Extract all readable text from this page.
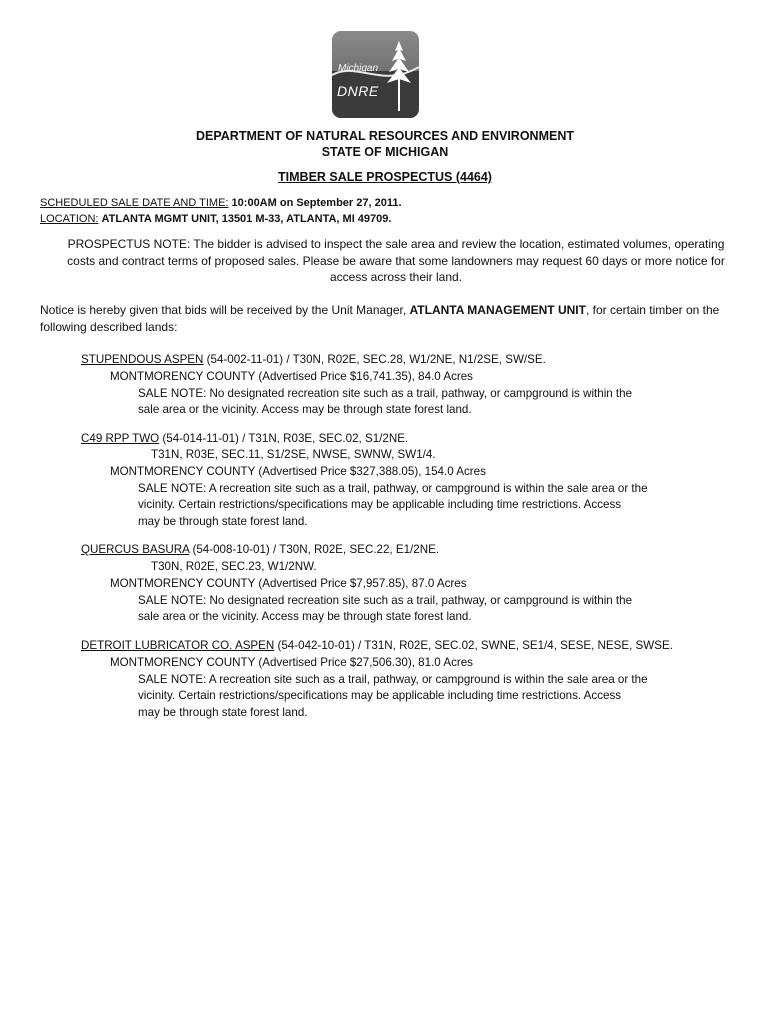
Michigan
DNRE
DEPARTMENT OF NATURAL RESOURCES AND ENVIRONMENT
STATE OF MICHIGAN
TIMBER SALE PROSPECTUS (4464)
SCHEDULED SALE DATE AND TIME: 10:00AM on September 27, 2011.
LOCATION: ATLANTA MGMT UNIT, 13501 M-33, ATLANTA, MI 49709.
PROSPECTUS NOTE: The bidder is advised to inspect the sale area and review the location, estimated volumes, operating costs and contract terms of proposed sales. Please be aware that some landowners may request 60 days or more notice for access across their land.
Notice is hereby given that bids will be received by the Unit Manager, ATLANTA MANAGEMENT UNIT, for certain timber on the following described lands:
STUPENDOUS ASPEN (54-002-11-01) / T30N, R02E, SEC.28, W1/2NE, N1/2SE, SW/SE.
MONTMORENCY COUNTY (Advertised Price $16,741.35), 84.0 Acres
SALE NOTE: No designated recreation site such as a trail, pathway, or campground is within the
sale area or the vicinity. Access may be through state forest land.
C49 RPP TWO (54-014-11-01) / T31N, R03E, SEC.02, S1/2NE.
T31N, R03E, SEC.11, S1/2SE, NWSE, SWNW, SW1/4.
MONTMORENCY COUNTY (Advertised Price $327,388.05), 154.0 Acres
SALE NOTE: A recreation site such as a trail, pathway, or campground is within the sale area or the
vicinity. Certain restrictions/specifications may be applicable including time restrictions. Access
may be through state forest land.
QUERCUS BASURA (54-008-10-01) / T30N, R02E, SEC.22, E1/2NE.
T30N, R02E, SEC.23, W1/2NW.
MONTMORENCY COUNTY (Advertised Price $7,957.85), 87.0 Acres
SALE NOTE: No designated recreation site such as a trail, pathway, or campground is within the
sale area or the vicinity. Access may be through state forest land.
DETROIT LUBRICATOR CO. ASPEN (54-042-10-01) / T31N, R02E, SEC.02, SWNE, SE1/4, SESE, NESE, SWSE.
MONTMORENCY COUNTY (Advertised Price $27,506.30), 81.0 Acres
SALE NOTE: A recreation site such as a trail, pathway, or campground is within the sale area or the
vicinity. Certain restrictions/specifications may be applicable including time restrictions. Access
may be through state forest land.
